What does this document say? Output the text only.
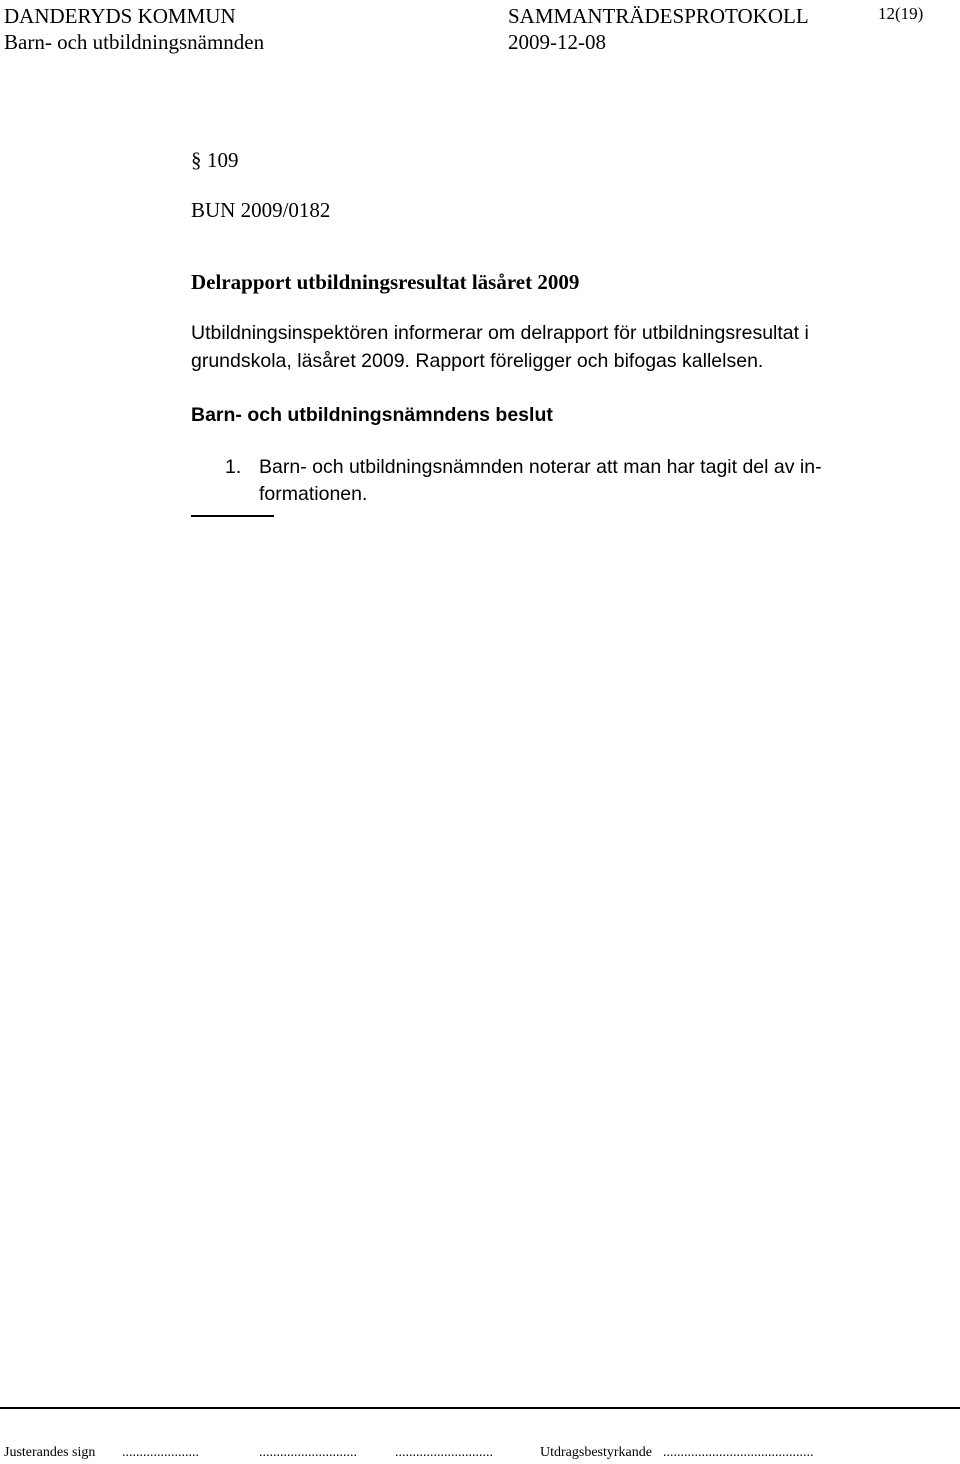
DANDERYDS KOMMUN
Barn- och utbildningsnämnden
SAMMANTRÄDESPROTOKOLL
2009-12-08
12(19)
§ 109
BUN 2009/0182
Delrapport utbildningsresultat läsåret 2009
Utbildningsinspektören informerar om delrapport för utbildningsresultat i
grundskola, läsåret 2009. Rapport föreligger och bifogas kallelsen.
Barn- och utbildningsnämndens beslut
1. Barn- och utbildningsnämnden noterar att man har tagit del av in-
formationen.
Justerandes sign ......................	............................	............................	Utdragsbestyrkande ...........................................
